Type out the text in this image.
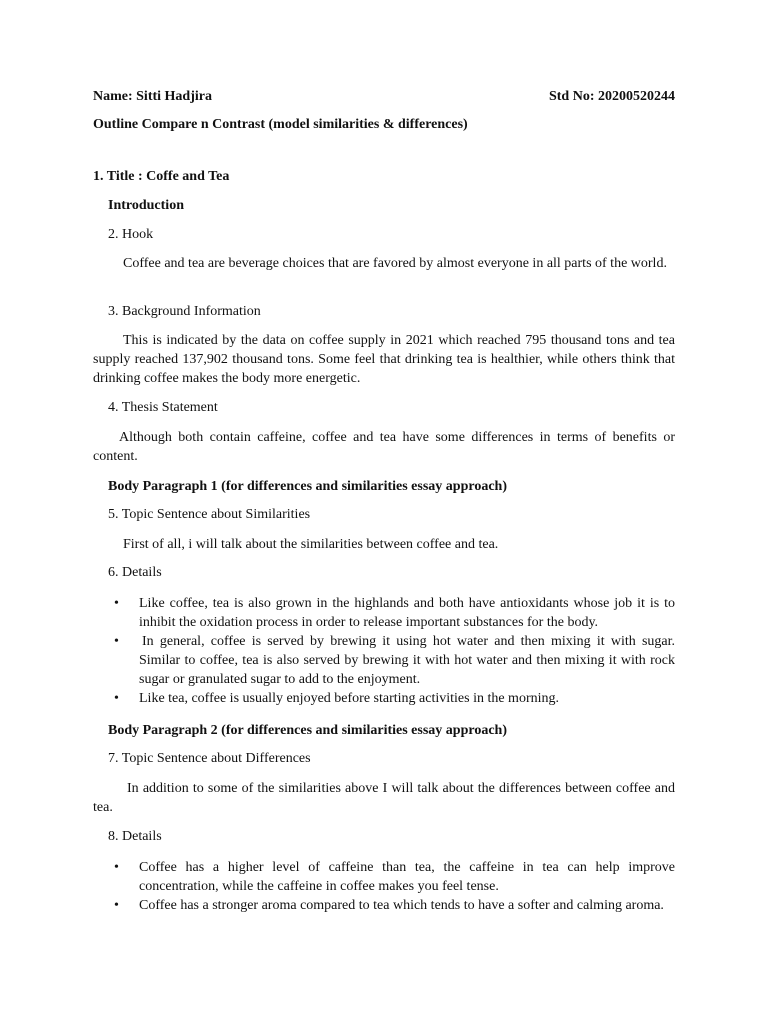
Name: Sitti Hadjira	Std No: 20200520244

Outline Compare n Contrast (model similarities & differences)

1. Title : Coffe and Tea

Introduction

2. Hook

Coffee and tea are beverage choices that are favored by almost everyone in all parts of the world.

3. Background Information

This is indicated by the data on coffee supply in 2021 which reached 795 thousand tons and tea supply reached 137,902 thousand tons. Some feel that drinking tea is healthier, while others think that drinking coffee makes the body more energetic.

4. Thesis Statement

Although both contain caffeine, coffee and tea have some differences in terms of benefits or content.

Body Paragraph 1 (for differences and similarities essay approach)

5. Topic Sentence about Similarities

First of all, i will talk about the similarities between coffee and tea.

6. Details

• Like coffee, tea is also grown in the highlands and both have antioxidants whose job it is to inhibit the oxidation process in order to release important substances for the body.
• In general, coffee is served by brewing it using hot water and then mixing it with sugar. Similar to coffee, tea is also served by brewing it with hot water and then mixing it with rock sugar or granulated sugar to add to the enjoyment.
• Like tea, coffee is usually enjoyed before starting activities in the morning.

Body Paragraph 2 (for differences and similarities essay approach)

7. Topic Sentence about Differences

In addition to some of the similarities above I will talk about the differences between coffee and tea.

8. Details

• Coffee has a higher level of caffeine than tea, the caffeine in tea can help improve concentration, while the caffeine in coffee makes you feel tense.
• Coffee has a stronger aroma compared to tea which tends to have a softer and calming aroma.
